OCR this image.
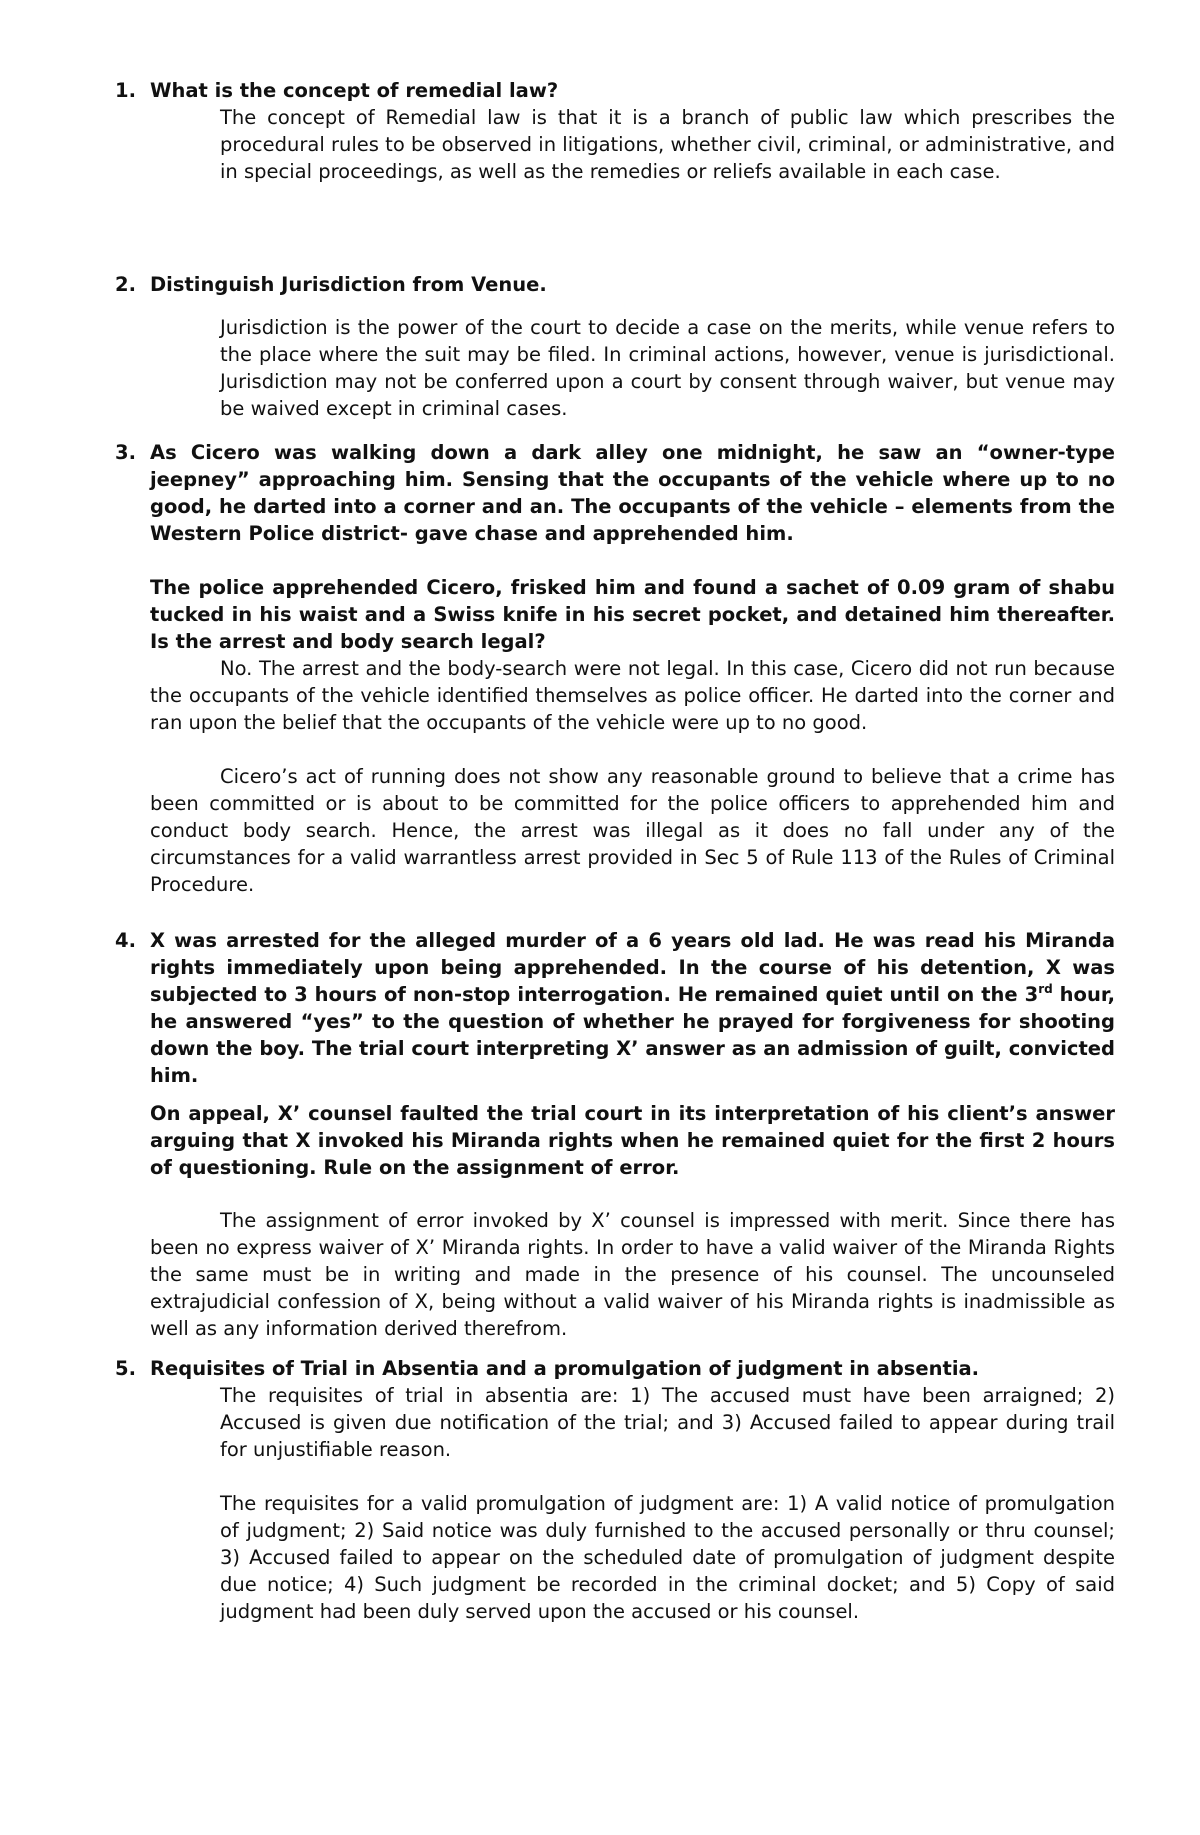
1. What is the concept of remedial law?

The concept of Remedial law is that it is a branch of public law which prescribes the procedural rules to be observed in litigations, whether civil, criminal, or administrative, and in special proceedings, as well as the remedies or reliefs available in each case.

2. Distinguish Jurisdiction from Venue.

Jurisdiction is the power of the court to decide a case on the merits, while venue refers to the place where the suit may be filed. In criminal actions, however, venue is jurisdictional. Jurisdiction may not be conferred upon a court by consent through waiver, but venue may be waived except in criminal cases.

3. As Cicero was walking down a dark alley one midnight, he saw an “owner-type jeepney” approaching him. Sensing that the occupants of the vehicle where up to no good, he darted into a corner and an. The occupants of the vehicle – elements from the Western Police district- gave chase and apprehended him.

The police apprehended Cicero, frisked him and found a sachet of 0.09 gram of shabu tucked in his waist and a Swiss knife in his secret pocket, and detained him thereafter. Is the arrest and body search legal?

No. The arrest and the body-search were not legal. In this case, Cicero did not run because the occupants of the vehicle identified themselves as police officer. He darted into the corner and ran upon the belief that the occupants of the vehicle were up to no good.

Cicero’s act of running does not show any reasonable ground to believe that a crime has been committed or is about to be committed for the police officers to apprehended him and conduct body search. Hence, the arrest was illegal as it does no fall under any of the circumstances for a valid warrantless arrest provided in Sec 5 of Rule 113 of the Rules of Criminal Procedure.

4. X was arrested for the alleged murder of a 6 years old lad. He was read his Miranda rights immediately upon being apprehended. In the course of his detention, X was subjected to 3 hours of non-stop interrogation. He remained quiet until on the 3rd hour, he answered “yes” to the question of whether he prayed for forgiveness for shooting down the boy. The trial court interpreting X’ answer as an admission of guilt, convicted him.

On appeal, X’ counsel faulted the trial court in its interpretation of his client’s answer arguing that X invoked his Miranda rights when he remained quiet for the first 2 hours of questioning. Rule on the assignment of error.

The assignment of error invoked by X’ counsel is impressed with merit. Since there has been no express waiver of X’ Miranda rights. In order to have a valid waiver of the Miranda Rights the same must be in writing and made in the presence of his counsel. The uncounseled extrajudicial confession of X, being without a valid waiver of his Miranda rights is inadmissible as well as any information derived therefrom.

5. Requisites of Trial in Absentia and a promulgation of judgment in absentia.

The requisites of trial in absentia are: 1) The accused must have been arraigned; 2) Accused is given due notification of the trial; and 3) Accused failed to appear during trail for unjustifiable reason.

The requisites for a valid promulgation of judgment are: 1) A valid notice of promulgation of judgment; 2) Said notice was duly furnished to the accused personally or thru counsel; 3) Accused failed to appear on the scheduled date of promulgation of judgment despite due notice; 4) Such judgment be recorded in the criminal docket; and 5) Copy of said judgment had been duly served upon the accused or his counsel.
